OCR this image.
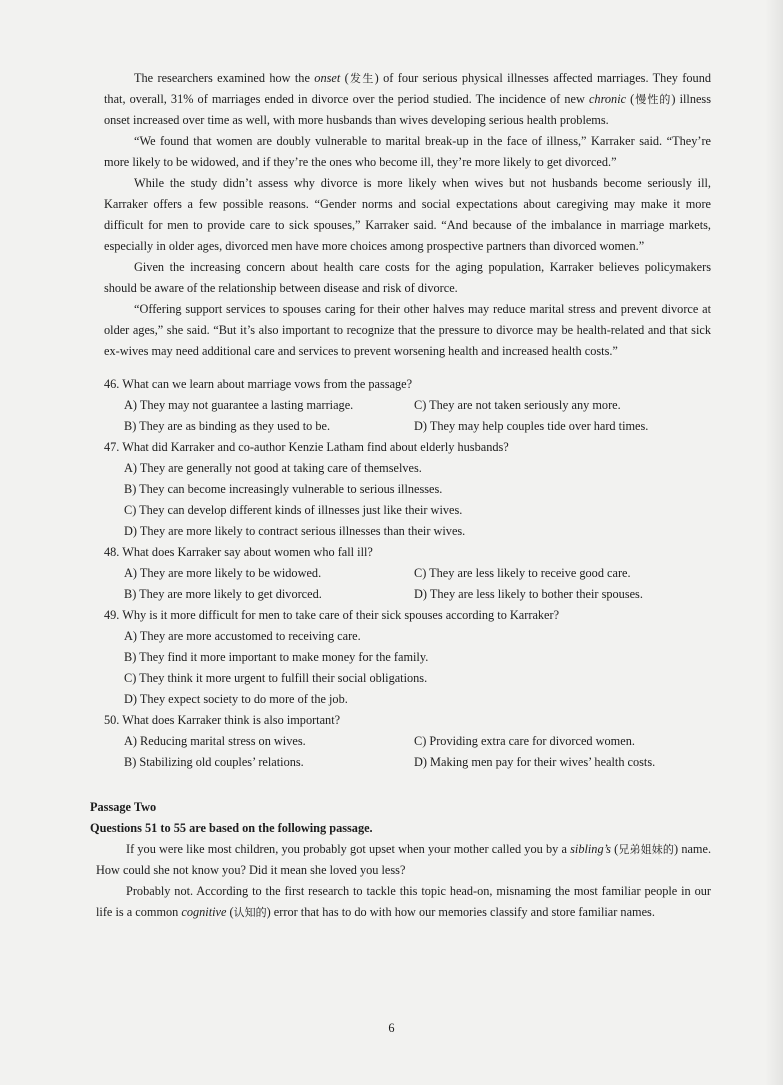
The researchers examined how the onset (发生) of four serious physical illnesses affected marriages. They found that, overall, 31% of marriages ended in divorce over the period studied. The incidence of new chronic (慢性的) illness onset increased over time as well, with more husbands than wives developing serious health problems.

“We found that women are doubly vulnerable to marital break-up in the face of illness,” Karraker said. “They’re more likely to be widowed, and if they’re the ones who become ill, they’re more likely to get divorced.”

While the study didn’t assess why divorce is more likely when wives but not husbands become seriously ill, Karraker offers a few possible reasons. “Gender norms and social expectations about caregiving may make it more difficult for men to provide care to sick spouses,” Karraker said. “And because of the imbalance in marriage markets, especially in older ages, divorced men have more choices among prospective partners than divorced women.”

Given the increasing concern about health care costs for the aging population, Karraker believes policymakers should be aware of the relationship between disease and risk of divorce.

“Offering support services to spouses caring for their other halves may reduce marital stress and prevent divorce at older ages,” she said. “But it’s also important to recognize that the pressure to divorce may be health-related and that sick ex-wives may need additional care and services to prevent worsening health and increased health costs.”

46. What can we learn about marriage vows from the passage?
A) They may not guarantee a lasting marriage.	C) They are not taken seriously any more.
B) They are as binding as they used to be.	D) They may help couples tide over hard times.
47. What did Karraker and co-author Kenzie Latham find about elderly husbands?
A) They are generally not good at taking care of themselves.
B) They can become increasingly vulnerable to serious illnesses.
C) They can develop different kinds of illnesses just like their wives.
D) They are more likely to contract serious illnesses than their wives.
48. What does Karraker say about women who fall ill?
A) They are more likely to be widowed.	C) They are less likely to receive good care.
B) They are more likely to get divorced.	D) They are less likely to bother their spouses.
49. Why is it more difficult for men to take care of their sick spouses according to Karraker?
A) They are more accustomed to receiving care.
B) They find it more important to make money for the family.
C) They think it more urgent to fulfill their social obligations.
D) They expect society to do more of the job.
50. What does Karraker think is also important?
A) Reducing marital stress on wives.	C) Providing extra care for divorced women.
B) Stabilizing old couples’ relations.	D) Making men pay for their wives’ health costs.
Passage Two
Questions 51 to 55 are based on the following passage.

If you were like most children, you probably got upset when your mother called you by a sibling’s (兄弟姐妹的) name. How could she not know you? Did it mean she loved you less?

Probably not. According to the first research to tackle this topic head-on, misnaming the most familiar people in our life is a common cognitive (认知的) error that has to do with how our memories classify and store familiar names.

6
